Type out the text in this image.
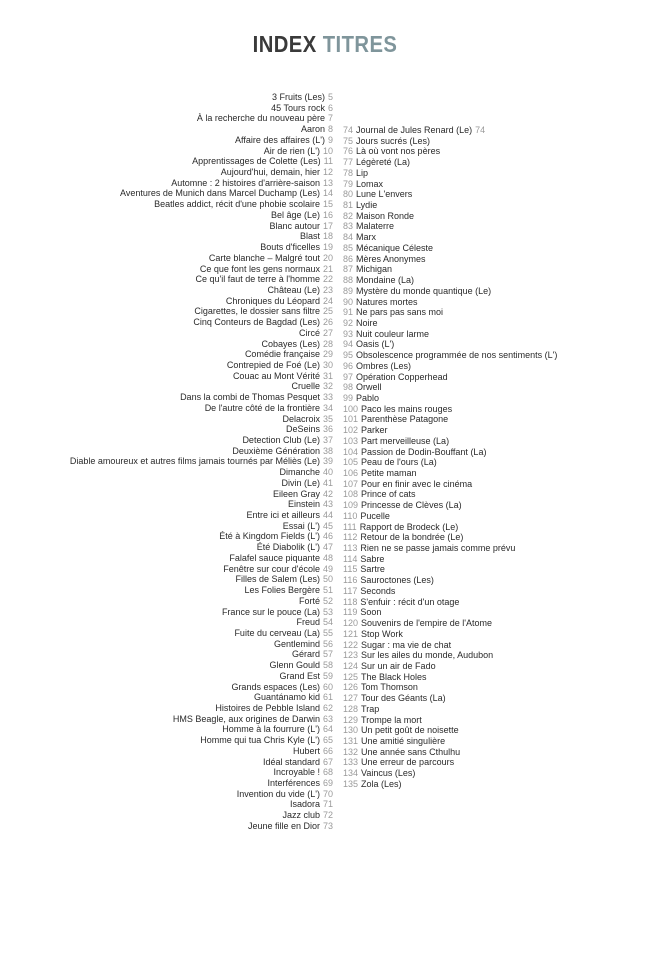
INDEX TITRES
3 Fruits (Les) 5
45 Tours rock 6
À la recherche du nouveau père 7
Aaron 8
Affaire des affaires (L') 9
Air de rien (L') 10
Apprentissages de Colette (Les) 11
Aujourd'hui, demain, hier 12
Automne : 2 histoires d'arrière-saison 13
Aventures de Munich dans Marcel Duchamp (Les) 14
Beatles addict, récit d'une phobie scolaire 15
Bel âge (Le) 16
Blanc autour 17
Blast 18
Bouts d'ficelles 19
Carte blanche – Malgré tout 20
Ce que font les gens normaux 21
Ce qu'il faut de terre à l'homme 22
Château (Le) 23
Chroniques du Léopard 24
Cigarettes, le dossier sans filtre 25
Cinq Conteurs de Bagdad (Les) 26
Circé 27
Cobayes (Les) 28
Comédie française 29
Contrepied de Foé (Le) 30
Couac au Mont Vérité 31
Cruelle 32
Dans la combi de Thomas Pesquet 33
De l'autre côté de la frontière 34
Delacroix 35
DeSeins 36
Detection Club (Le) 37
Deuxième Génération 38
Diable amoureux et autres films jamais tournés par Méliès (Le) 39
Dimanche 40
Divin (Le) 41
Eileen Gray 42
Einstein 43
Entre ici et ailleurs 44
Essai (L') 45
Été à Kingdom Fields (L') 46
Été Diabolik (L') 47
Falafel sauce piquante 48
Fenêtre sur cour d'école 49
Filles de Salem (Les) 50
Les Folies Bergère 51
Forté 52
France sur le pouce (La) 53
Freud 54
Fuite du cerveau (La) 55
Gentlemind 56
Gérard 57
Glenn Gould 58
Grand Est 59
Grands espaces (Les) 60
Guantánamo kid 61
Histoires de Pebble Island 62
HMS Beagle, aux origines de Darwin 63
Homme à la fourrure (L') 64
Homme qui tua Chris Kyle (L') 65
Hubert 66
Idéal standard 67
Incroyable ! 68
Interférences 69
Invention du vide (L') 70
Isadora 71
Jazz club 72
Jeune fille en Dior 73
74 Journal de Jules Renard (Le) 74
75 Jours sucrés (Les)
76 Là où vont nos pères
77 Légèreté (La)
78 Lip
79 Lomax
80 Lune L'envers
81 Lydie
82 Maison Ronde
83 Malaterre
84 Marx
85 Mécanique Céleste
86 Mères Anonymes
87 Michigan
88 Mondaine (La)
89 Mystère du monde quantique (Le)
90 Natures mortes
91 Ne pars pas sans moi
92 Noire
93 Nuit couleur larme
94 Oasis (L')
95 Obsolescence programmée de nos sentiments (L')
96 Ombres (Les)
97 Opération Copperhead
98 Orwell
99 Pablo
100 Paco les mains rouges
101 Parenthèse Patagone
102 Parker
103 Part merveilleuse (La)
104 Passion de Dodin-Bouffant (La)
105 Peau de l'ours (La)
106 Petite maman
107 Pour en finir avec le cinéma
108 Prince of cats
109 Princesse de Clèves (La)
110 Pucelle
111 Rapport de Brodeck (Le)
112 Retour de la bondrée (Le)
113 Rien ne se passe jamais comme prévu
114 Sabre
115 Sartre
116 Sauroctones (Les)
117 Seconds
118 S'enfuir : récit d'un otage
119 Soon
120 Souvenirs de l'empire de l'Atome
121 Stop Work
122 Sugar : ma vie de chat
123 Sur les ailes du monde, Audubon
124 Sur un air de Fado
125 The Black Holes
126 Tom Thomson
127 Tour des Géants (La)
128 Trap
129 Trompe la mort
130 Un petit goût de noisette
131 Une amitié singulière
132 Une année sans Cthulhu
133 Une erreur de parcours
134 Vaincus (Les)
135 Zola (Les)
